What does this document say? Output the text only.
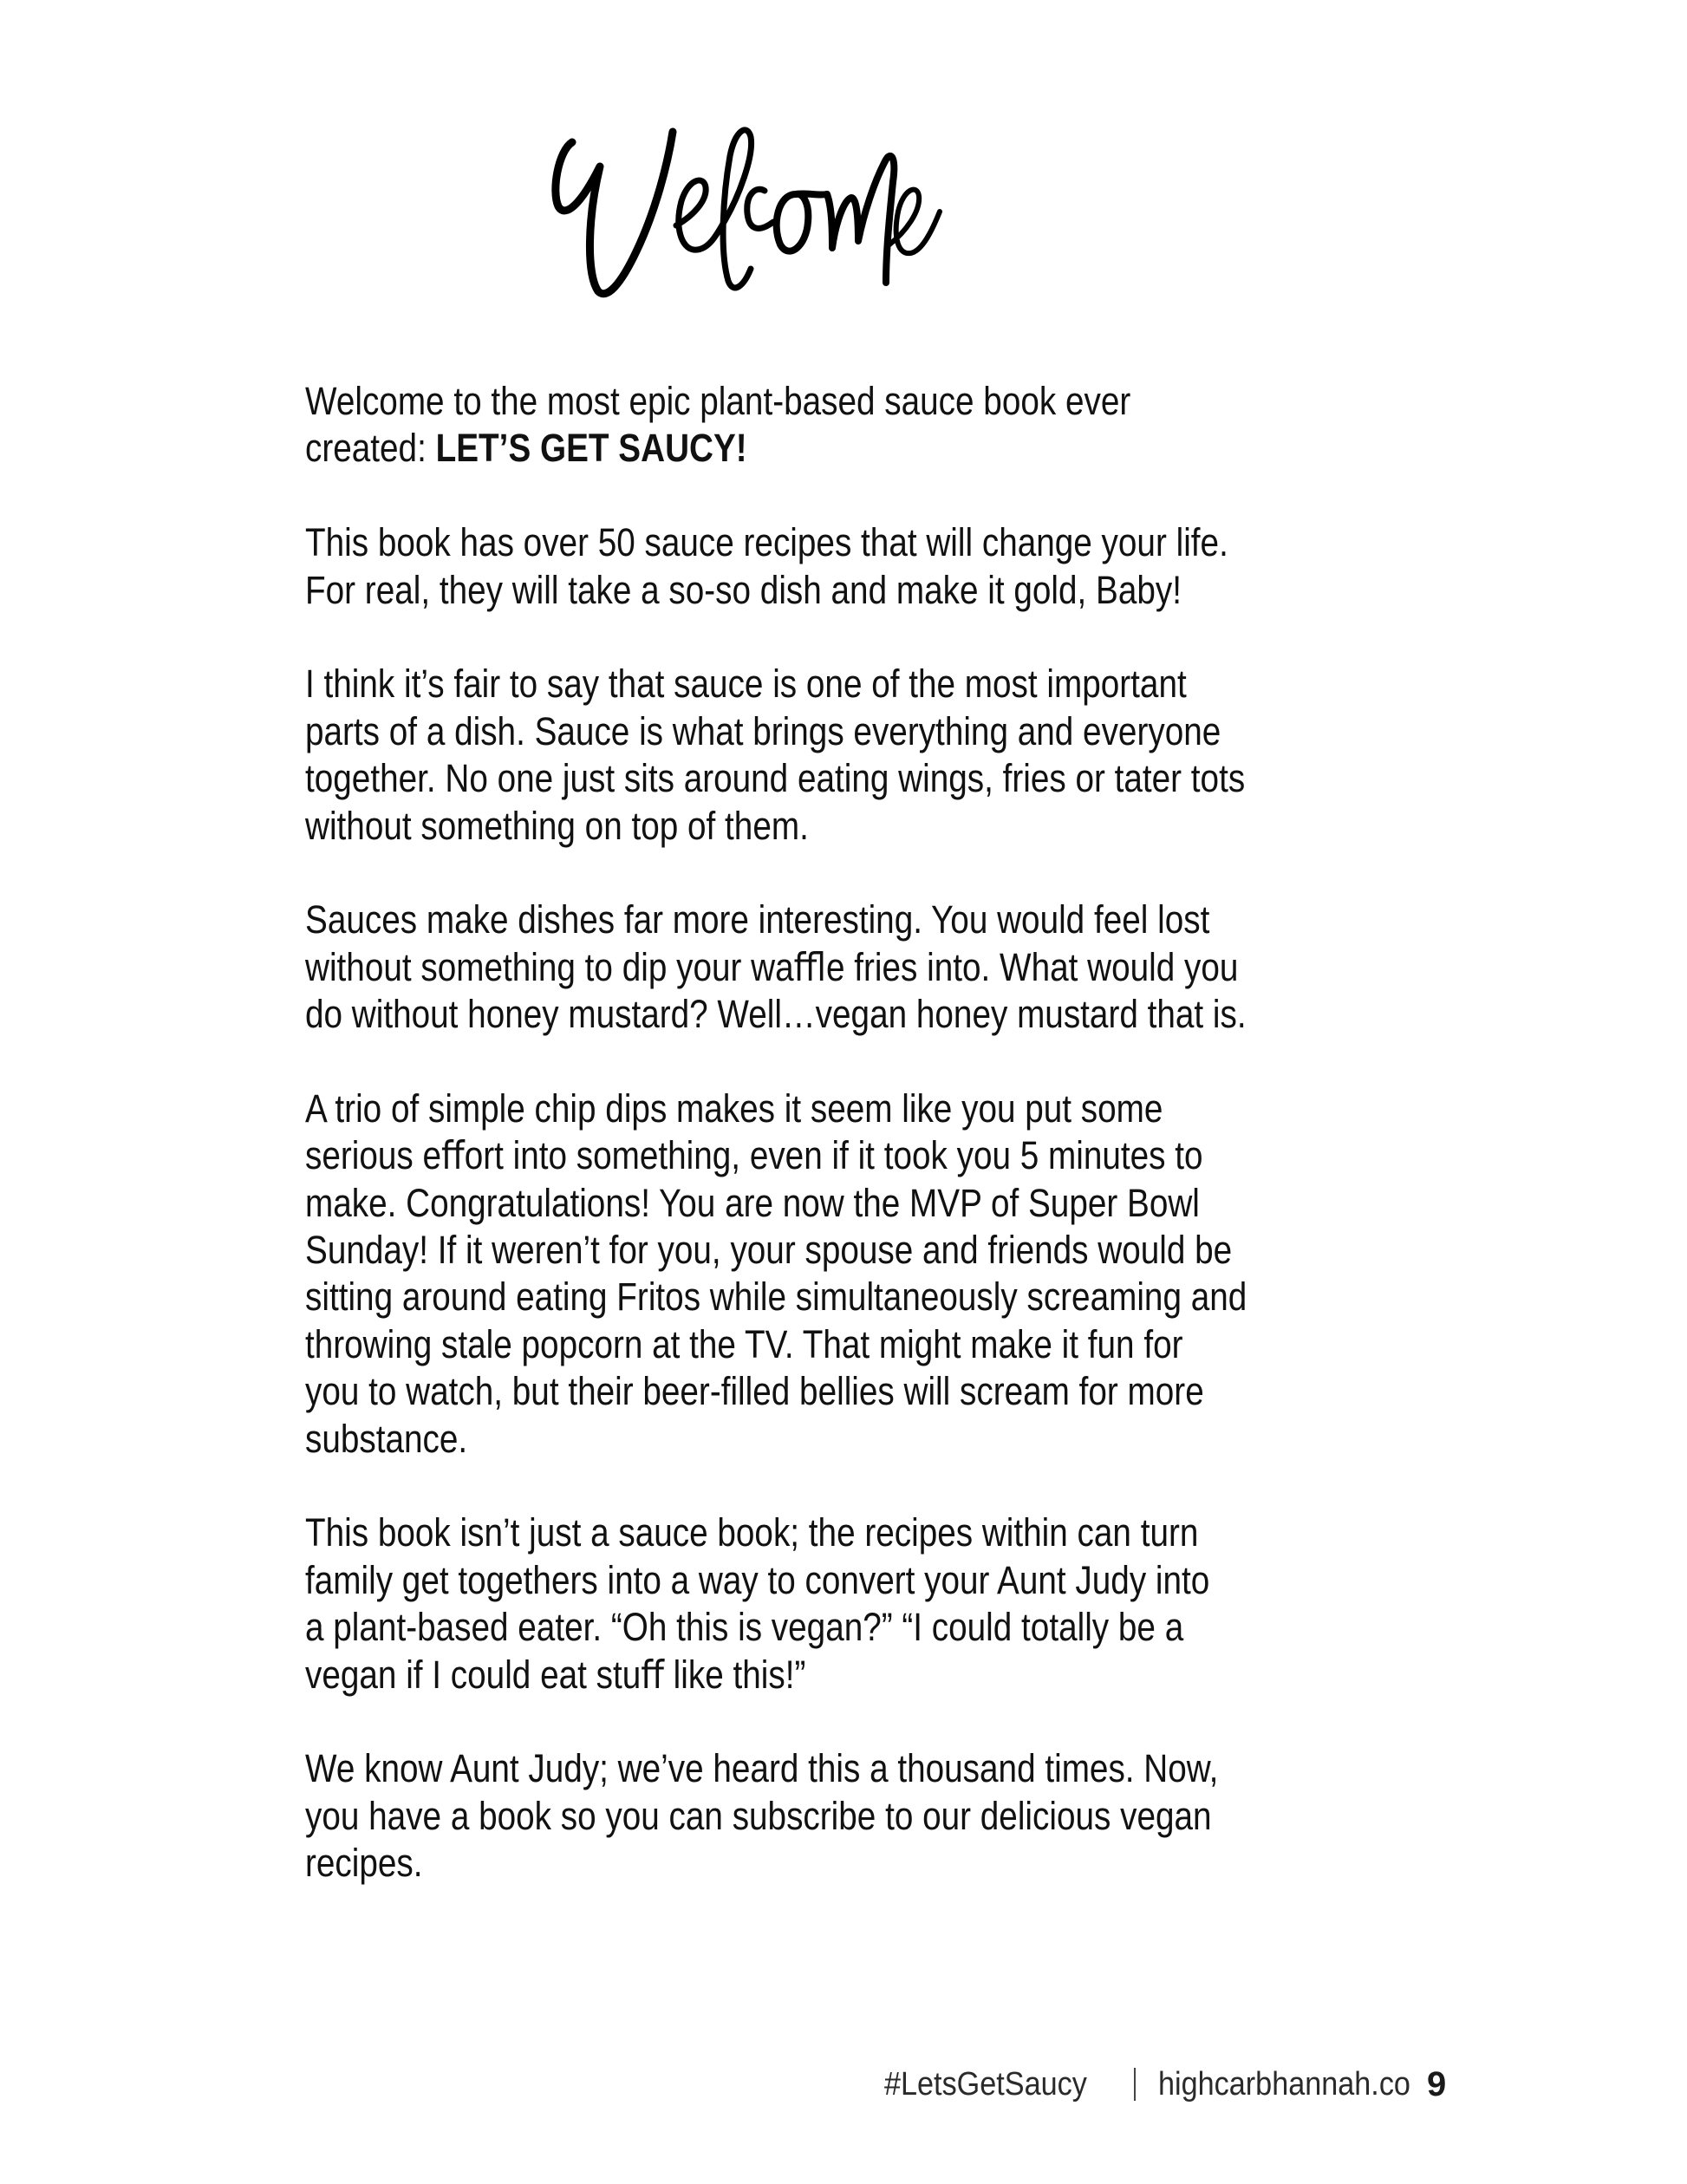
Welcome to the most epic plant-based sauce book ever
created: LET’S GET SAUCY!
This book has over 50 sauce recipes that will change your life.
For real, they will take a so-so dish and make it gold, Baby!
I think it’s fair to say that sauce is one of the most important
parts of a dish. Sauce is what brings everything and everyone
together. No one just sits around eating wings, fries or tater tots
without something on top of them.
Sauces make dishes far more interesting. You would feel lost
without something to dip your waﬄe fries into. What would you
do without honey mustard? Well…vegan honey mustard that is.
A trio of simple chip dips makes it seem like you put some
serious eﬀort into something, even if it took you 5 minutes to
make. Congratulations! You are now the MVP of Super Bowl
Sunday! If it weren’t for you, your spouse and friends would be
sitting around eating Fritos while simultaneously screaming and
throwing stale popcorn at the TV. That might make it fun for
you to watch, but their beer-ﬁlled bellies will scream for more
substance.
This book isn’t just a sauce book; the recipes within can turn
family get togethers into a way to convert your Aunt Judy into
a plant-based eater. “Oh this is vegan?” “I could totally be a
vegan if I could eat stuﬀ like this!”
We know Aunt Judy; we’ve heard this a thousand times. Now,
you have a book so you can subscribe to our delicious vegan
recipes.
#LetsGetSaucy highcarbhannah.co 9
